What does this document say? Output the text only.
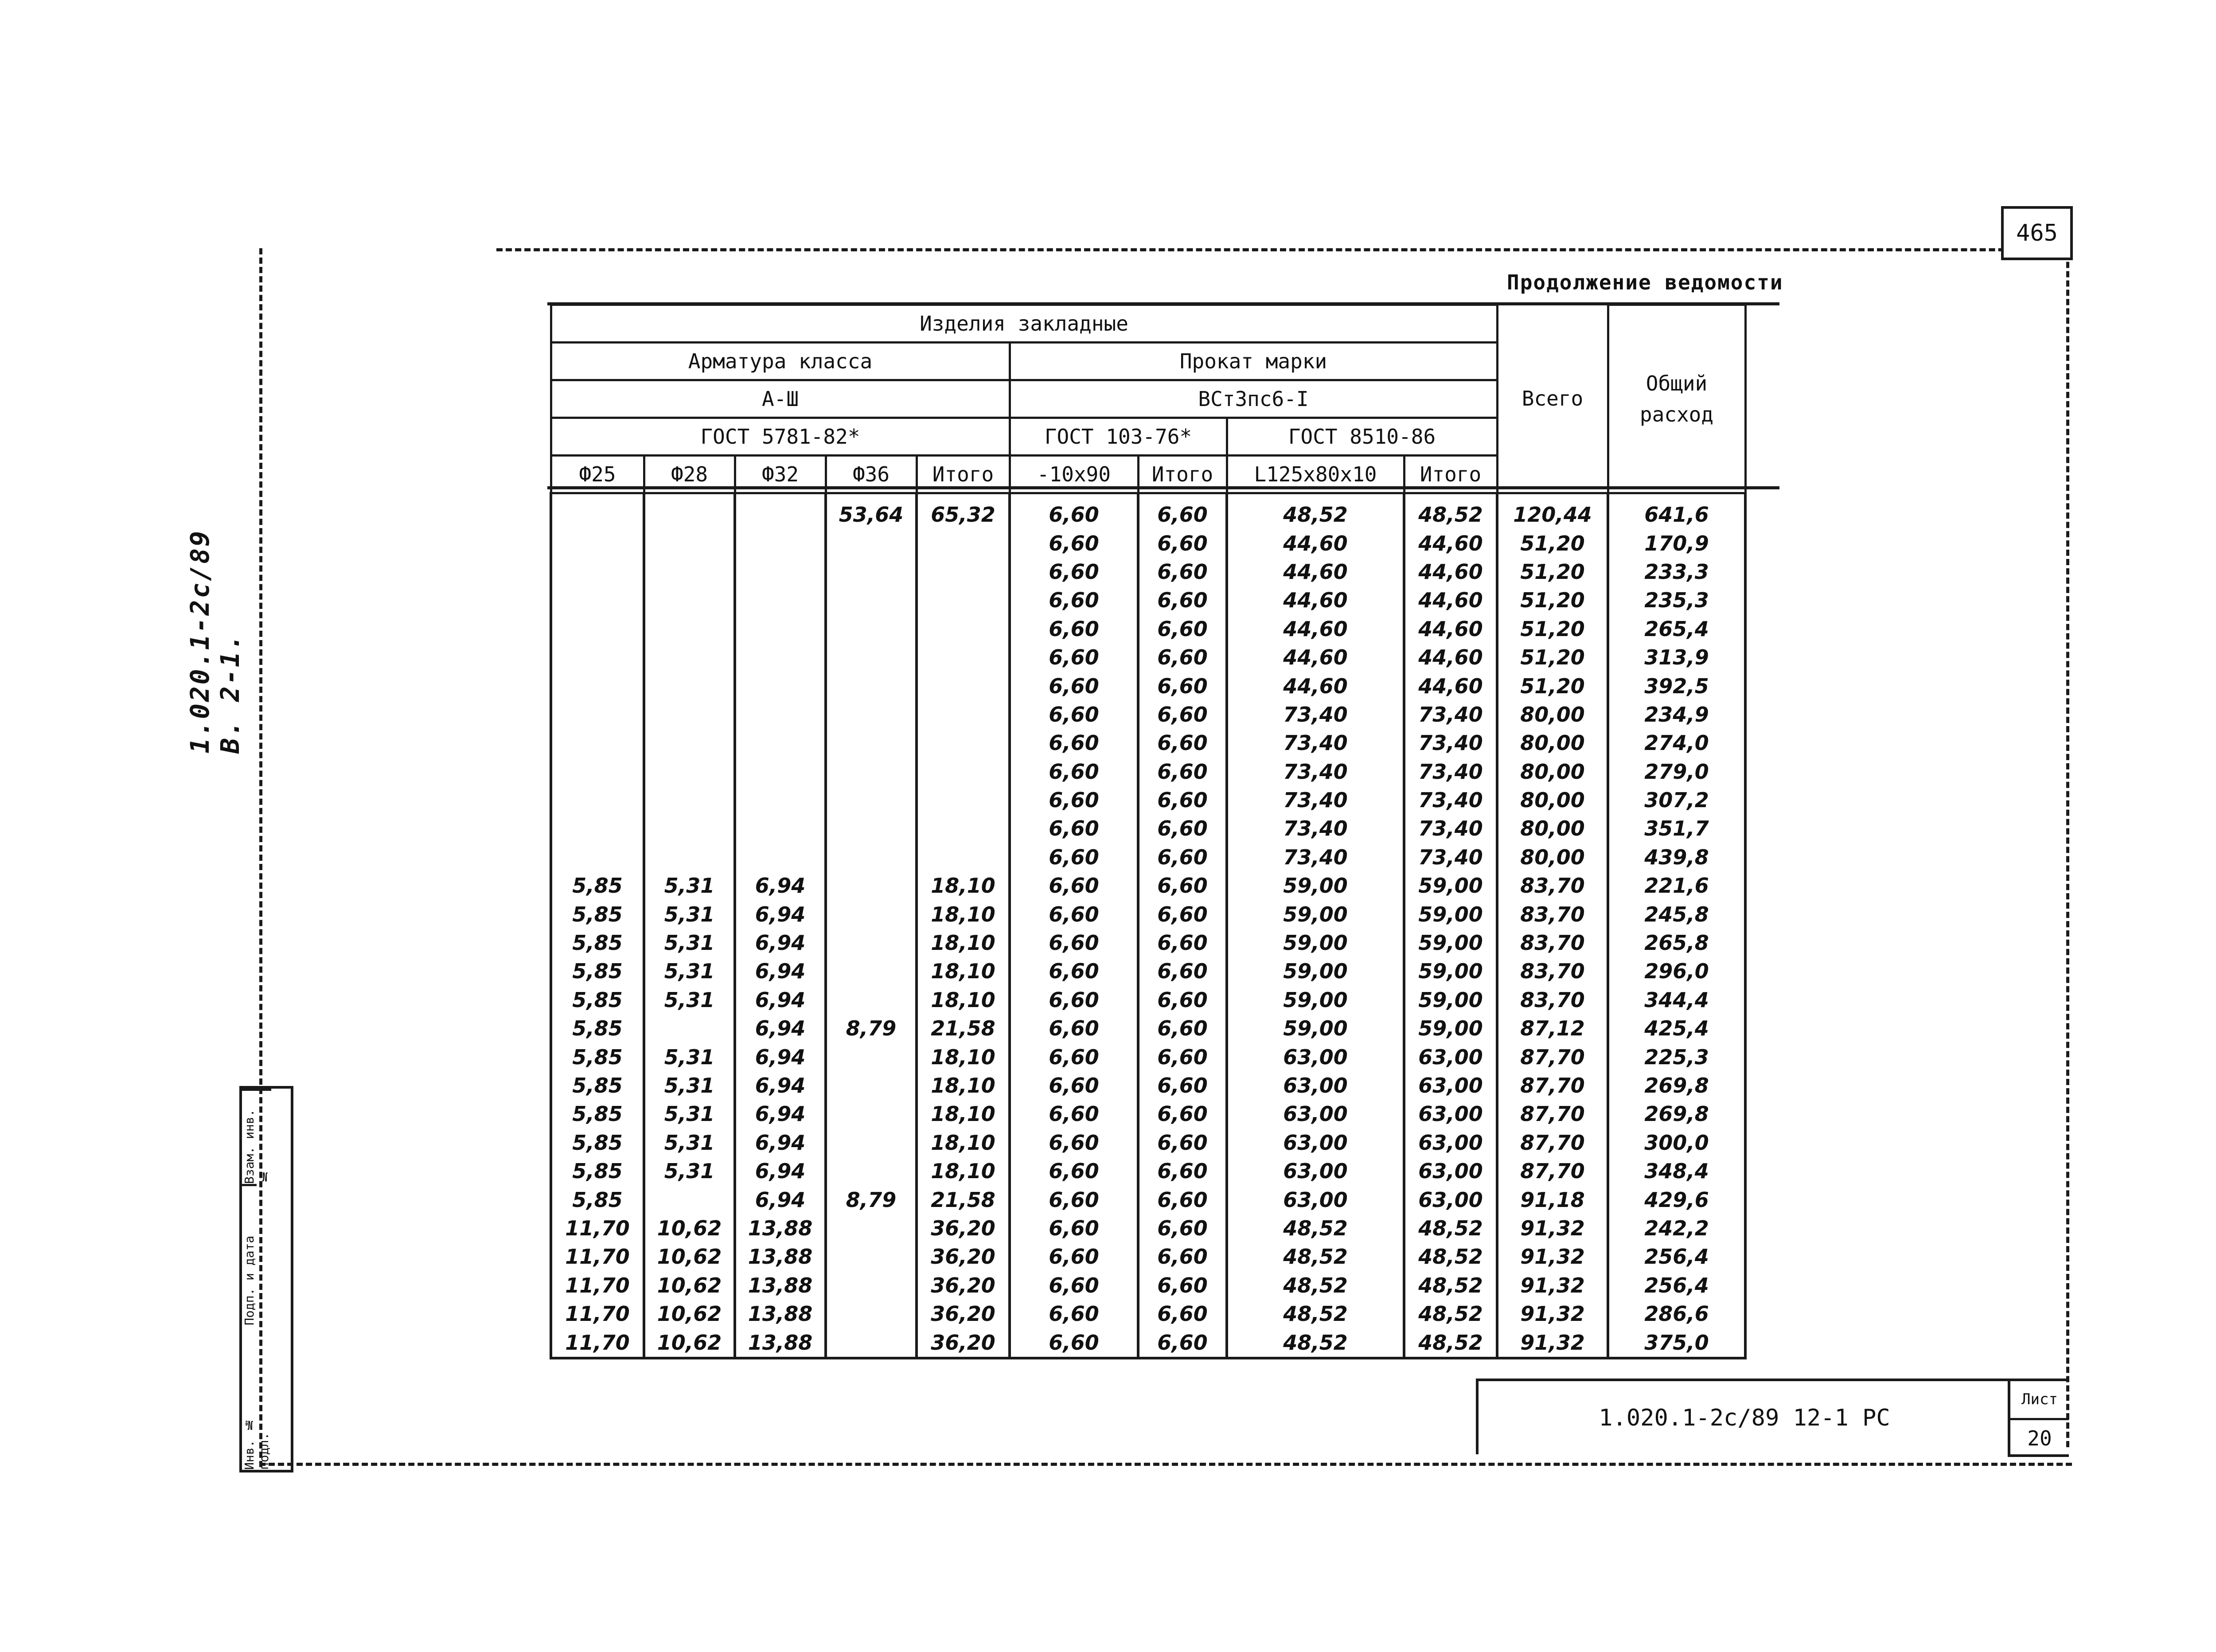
465
1.020.1-2с/89 В. 2-1.
Взам. инв. №
Подп. и дата
Инв. № подл.
Продолжение ведомости
Изделия закладные									Всего	Общий расход
Арматура класса					Прокат марки					
А-Ш					ВСт3пс6-I					
ГОСТ 5781-82*					ГОСТ 103-76*		ГОСТ 8510-86			
Ф25	Ф28	Ф32	Ф36	Итого	-10х90	Итого	L125х80х10	Итого		
			53,64	65,32	6,60	6,60	48,52	48,52	120,44	641,6
					6,60	6,60	44,60	44,60	51,20	170,9
					6,60	6,60	44,60	44,60	51,20	233,3
					6,60	6,60	44,60	44,60	51,20	235,3
					6,60	6,60	44,60	44,60	51,20	265,4
					6,60	6,60	44,60	44,60	51,20	313,9
					6,60	6,60	44,60	44,60	51,20	392,5
					6,60	6,60	73,40	73,40	80,00	234,9
					6,60	6,60	73,40	73,40	80,00	274,0
					6,60	6,60	73,40	73,40	80,00	279,0
					6,60	6,60	73,40	73,40	80,00	307,2
					6,60	6,60	73,40	73,40	80,00	351,7
					6,60	6,60	73,40	73,40	80,00	439,8
5,85	5,31	6,94		18,10	6,60	6,60	59,00	59,00	83,70	221,6
5,85	5,31	6,94		18,10	6,60	6,60	59,00	59,00	83,70	245,8
5,85	5,31	6,94		18,10	6,60	6,60	59,00	59,00	83,70	265,8
5,85	5,31	6,94		18,10	6,60	6,60	59,00	59,00	83,70	296,0
5,85	5,31	6,94		18,10	6,60	6,60	59,00	59,00	83,70	344,4
5,85		6,94	8,79	21,58	6,60	6,60	59,00	59,00	87,12	425,4
5,85	5,31	6,94		18,10	6,60	6,60	63,00	63,00	87,70	225,3
5,85	5,31	6,94		18,10	6,60	6,60	63,00	63,00	87,70	269,8
5,85	5,31	6,94		18,10	6,60	6,60	63,00	63,00	87,70	269,8
5,85	5,31	6,94		18,10	6,60	6,60	63,00	63,00	87,70	300,0
5,85	5,31	6,94		18,10	6,60	6,60	63,00	63,00	87,70	348,4
5,85		6,94	8,79	21,58	6,60	6,60	63,00	63,00	91,18	429,6
11,70	10,62	13,88		36,20	6,60	6,60	48,52	48,52	91,32	242,2
11,70	10,62	13,88		36,20	6,60	6,60	48,52	48,52	91,32	256,4
11,70	10,62	13,88		36,20	6,60	6,60	48,52	48,52	91,32	256,4
11,70	10,62	13,88		36,20	6,60	6,60	48,52	48,52	91,32	286,6
11,70	10,62	13,88		36,20	6,60	6,60	48,52	48,52	91,32	375,0
1.020.1-2с/89 12-1 РС
Лист
20
